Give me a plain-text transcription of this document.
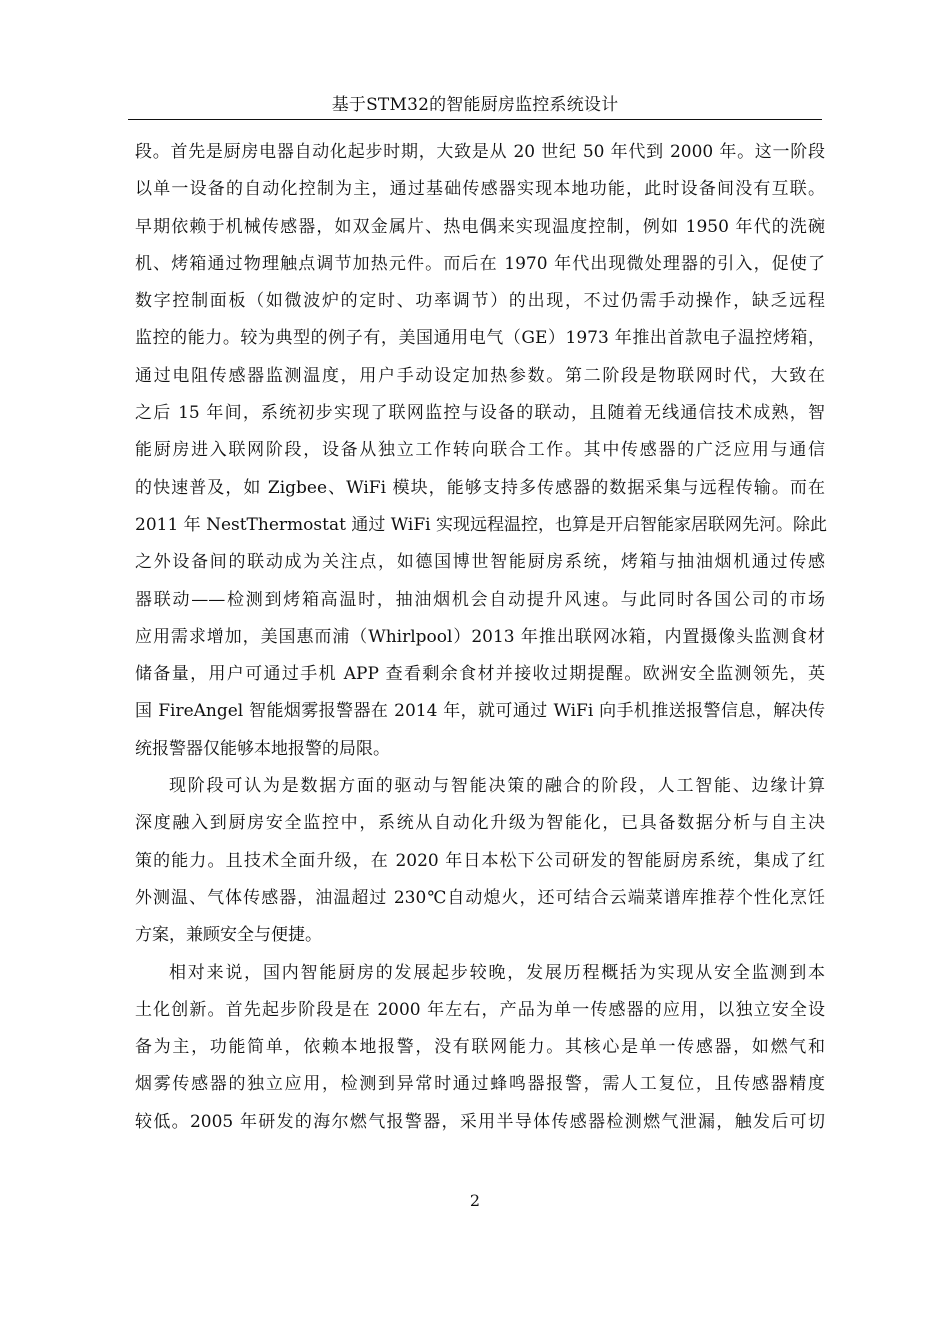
基于STM32的智能厨房监控系统设计
段。首先是厨房电器自动化起步时期，大致是从 20 世纪 50 年代到 2000 年。这一阶段
以单一设备的自动化控制为主，通过基础传感器实现本地功能，此时设备间没有互联。
早期依赖于机械传感器，如双金属片、热电偶来实现温度控制，例如 1950 年代的洗碗
机、烤箱通过物理触点调节加热元件。而后在 1970 年代出现微处理器的引入，促使了
数字控制面板（如微波炉的定时、功率调节）的出现，不过仍需手动操作，缺乏远程
监控的能力。较为典型的例子有，美国通用电气（GE）1973 年推出首款电子温控烤箱，
通过电阻传感器监测温度，用户手动设定加热参数。第二阶段是物联网时代，大致在
之后 15 年间，系统初步实现了联网监控与设备的联动，且随着无线通信技术成熟，智
能厨房进入联网阶段，设备从独立工作转向联合工作。其中传感器的广泛应用与通信
的快速普及，如 Zigbee、WiFi 模块，能够支持多传感器的数据采集与远程传输。而在
2011 年 NestThermostat 通过 WiFi 实现远程温控，也算是开启智能家居联网先河。除此
之外设备间的联动成为关注点，如德国博世智能厨房系统，烤箱与抽油烟机通过传感
器联动——检测到烤箱高温时，抽油烟机会自动提升风速。与此同时各国公司的市场
应用需求增加，美国惠而浦（Whirlpool）2013 年推出联网冰箱，内置摄像头监测食材
储备量，用户可通过手机 APP 查看剩余食材并接收过期提醒。欧洲安全监测领先，英
国 FireAngel 智能烟雾报警器在 2014 年，就可通过 WiFi 向手机推送报警信息，解决传
统报警器仅能够本地报警的局限。
现阶段可认为是数据方面的驱动与智能决策的融合的阶段，人工智能、边缘计算
深度融入到厨房安全监控中，系统从自动化升级为智能化，已具备数据分析与自主决
策的能力。且技术全面升级，在 2020 年日本松下公司研发的智能厨房系统，集成了红
外测温、气体传感器，油温超过 230℃自动熄火，还可结合云端菜谱库推荐个性化烹饪
方案，兼顾安全与便捷。
相对来说，国内智能厨房的发展起步较晚，发展历程概括为实现从安全监测到本
土化创新。首先起步阶段是在 2000 年左右，产品为单一传感器的应用，以独立安全设
备为主，功能简单，依赖本地报警，没有联网能力。其核心是单一传感器，如燃气和
烟雾传感器的独立应用，检测到异常时通过蜂鸣器报警，需人工复位，且传感器精度
较低。2005 年研发的海尔燃气报警器，采用半导体传感器检测燃气泄漏，触发后可切
2
